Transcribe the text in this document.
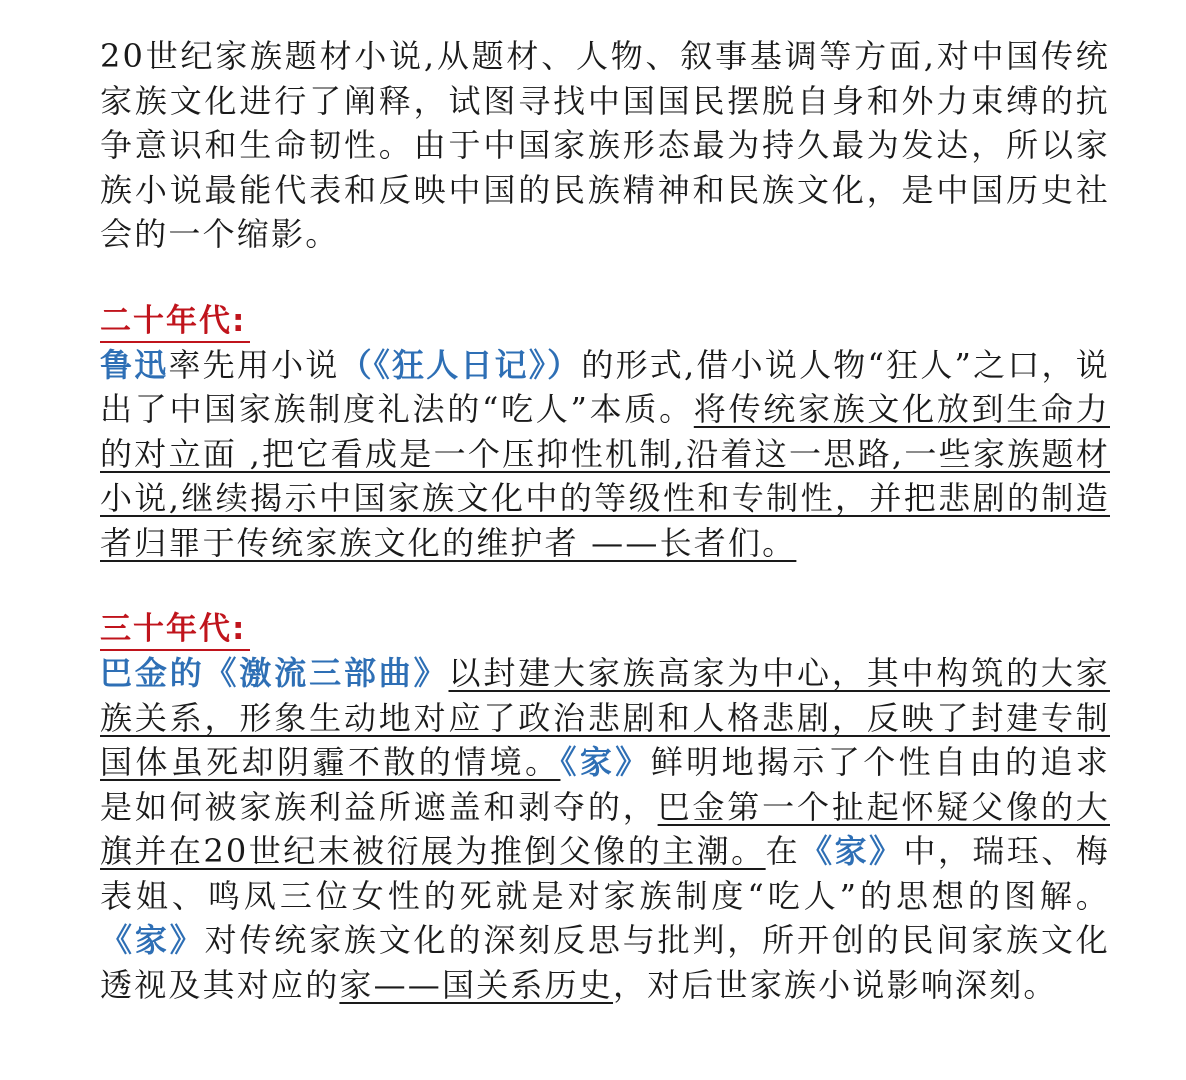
20世纪家族题材小说,从题材、人物、叙事基调等方面,对中国传统家族文化进行了阐释，试图寻找中国国民摆脱自身和外力束缚的抗争意识和生命韧性。由于中国家族形态最为持久最为发达，所以家族小说最能代表和反映中国的民族精神和民族文化，是中国历史社会的一个缩影。

二十年代:

鲁迅率先用小说（《狂人日记》）的形式,借小说人物“狂人”之口，说出了中国家族制度礼法的“吃人”本质。将传统家族文化放到生命力的对立面 ,把它看成是一个压抑性机制,沿着这一思路,一些家族题材小说,继续揭示中国家族文化中的等级性和专制性，并把悲剧的制造者归罪于传统家族文化的维护者 ——长者们。

三十年代:

巴金的《激流三部曲》以封建大家族高家为中心，其中构筑的大家族关系，形象生动地对应了政治悲剧和人格悲剧，反映了封建专制国体虽死却阴霾不散的情境。《家》鲜明地揭示了个性自由的追求是如何被家族利益所遮盖和剥夺的，巴金第一个扯起怀疑父像的大旗并在20世纪末被衍展为推倒父像的主潮。在《家》中，瑞珏、梅表姐、鸣凤三位女性的死就是对家族制度“吃人”的思想的图解。《家》对传统家族文化的深刻反思与批判，所开创的民间家族文化透视及其对应的家——国关系历史，对后世家族小说影响深刻。
